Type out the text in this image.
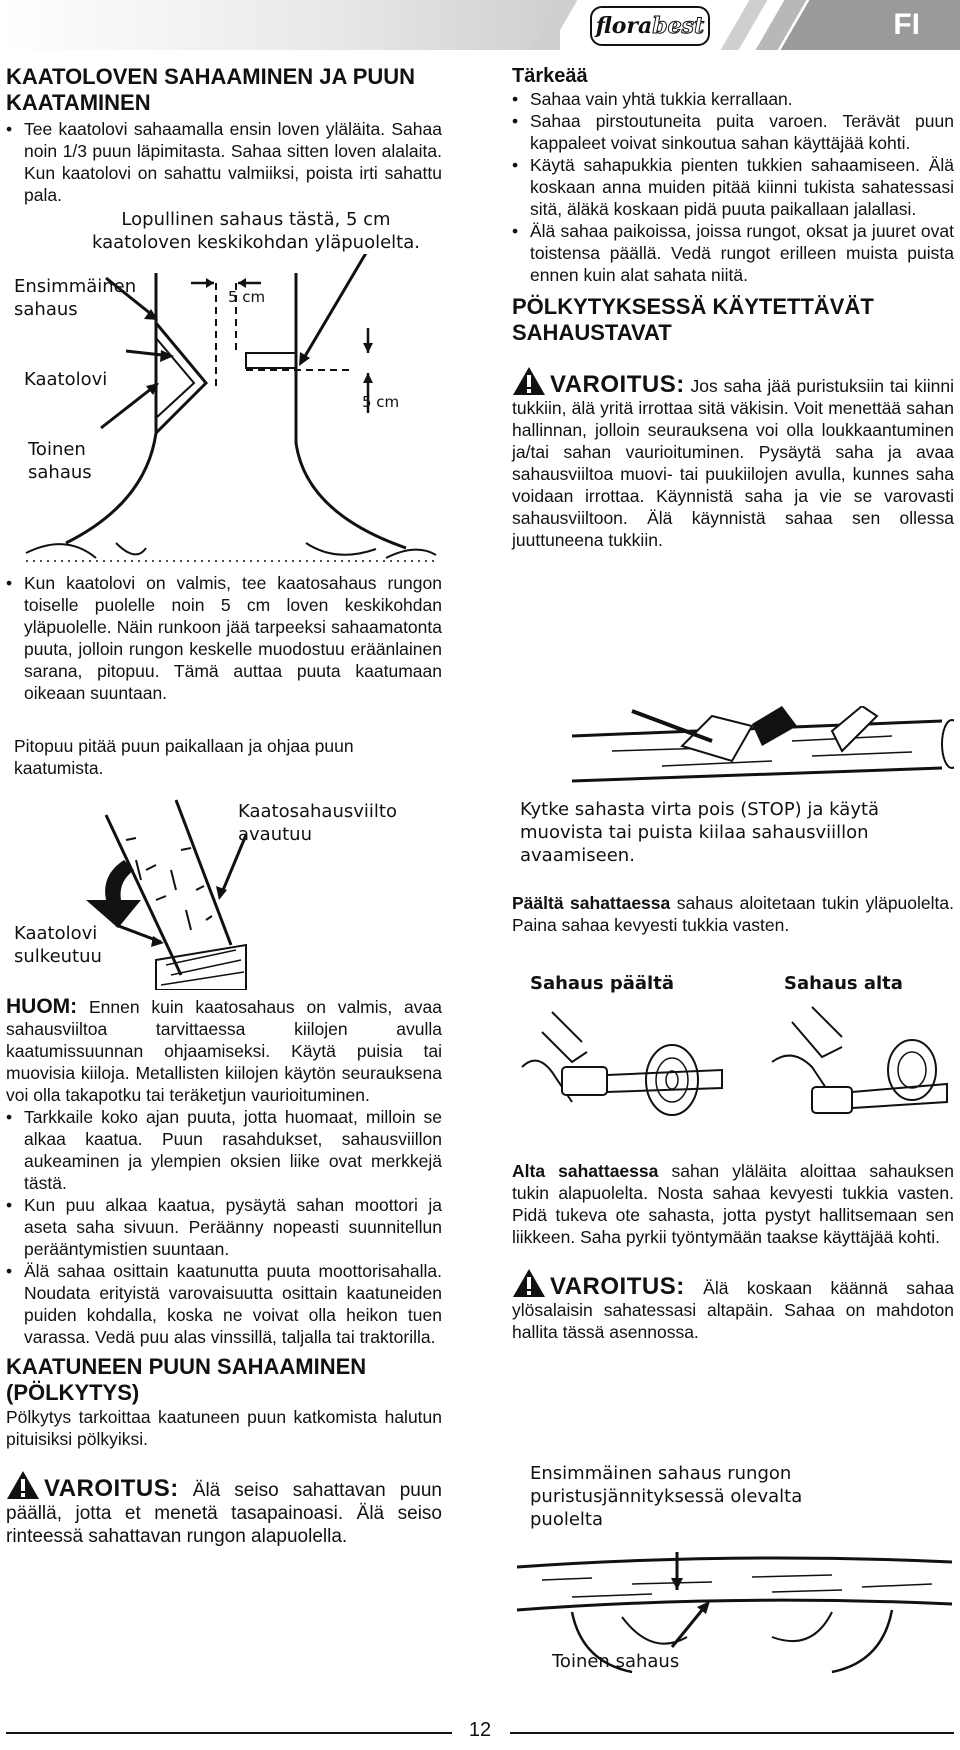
flora best	FI
KAATOLOVEN SAHAAMINEN JA PUUN KAATAMINEN
• Tee kaatolovi sahaamalla ensin loven yläläita. Sahaa noin 1/3 puun läpimitasta. Sahaa sitten loven alalaita. Kun kaatolovi on sahattu valmiiksi, poista irti sahattu pala.
Lopullinen sahaus tästä, 5 cm kaatoloven keskikohdan yläpuolelta.
Ensimmäinen sahaus
Kaatolovi
Toinen sahaus
5 cm
5 cm
• Kun kaatolovi on valmis, tee kaatosahaus rungon toiselle puolelle noin 5 cm loven keskikohdan yläpuolelle. Näin runkoon jää tarpeeksi sahaamatonta puuta, jolloin rungon keskelle muodostuu eräänlainen sarana, pitopuu. Tämä auttaa puuta kaatumaan oikeaan suuntaan.
Pitopuu pitää puun paikallaan ja ohjaa puun kaatumista.
Kaatosahausviilto avautuu
Kaatolovi sulkeutuu

HUOM: Ennen kuin kaatosahaus on valmis, avaa sahausviiltoa tarvittaessa kiilojen avulla kaatumissuunnan ohjaamiseksi. Käytä puisia tai muovisia kiiloja. Metallisten kiilojen käytön seurauksena voi olla takapotku tai teräketjun vaurioituminen.

• Tarkkaile koko ajan puuta, jotta huomaat, milloin se alkaa kaatua. Puun rasahdukset, sahausviillon aukeaminen ja ylempien oksien liike ovat merkkejä tästä.
• Kun puu alkaa kaatua, pysäytä sahan moottori ja aseta saha sivuun. Peräänny nopeasti suunnitellun perääntymistien suuntaan.
• Älä sahaa osittain kaatunutta puuta moottorisahalla. Noudata erityistä varovaisuutta osittain kaatuneiden puiden kohdalla, koska ne voivat olla heikon tuen varassa. Vedä puu alas vinssillä, taljalla tai traktorilla.
KAATUNEEN PUUN SAHAAMINEN (PÖLKYTYS)

Pölkytys tarkoittaa kaatuneen puun katkomista halutun pituisiksi pölkyiksi.

VAROITUS: Älä seiso sahattavan puun päällä, jotta et menetä tasapainoasi. Älä seiso rinteessä sahattavan rungon alapuolella.

Tärkeää
• Sahaa vain yhtä tukkia kerrallaan.
• Sahaa pirstoutuneita puita varoen. Terävät puun kappaleet voivat sinkoutua sahan käyttäjää kohti.
• Käytä sahapukkia pienten tukkien sahaamiseen. Älä koskaan anna muiden pitää kiinni tukista sahatessasi sitä, äläkä koskaan pidä puuta paikallaan jalallasi.
• Älä sahaa paikoissa, joissa rungot, oksat ja juuret ovat toistensa päällä. Vedä rungot erilleen muista puista ennen kuin alat sahata niitä.
PÖLKYTYKSESSÄ KÄYTETTÄVÄT SAHAUSTAVAT

VAROITUS: Jos saha jää puristuksiin tai kiinni tukkiin, älä yritä irrottaa sitä väkisin. Voit menettää sahan hallinnan, jolloin seurauksena voi olla loukkaantuminen ja/tai sahan vaurioituminen. Pysäytä saha ja avaa sahausviiltoa muovi- tai puukiilojen avulla, kunnes saha voidaan irrottaa. Käynnistä saha ja vie se varovasti sahausviiltoon. Älä käynnistä sahaa sen ollessa juuttuneena tukkiin.

Kytke sahasta virta pois (STOP) ja käytä muovista tai puista kiilaa sahausviillon avaamiseen.

Päältä sahattaessa sahaus aloitetaan tukin yläpuolelta. Paina sahaa kevyesti tukkia vasten.

Sahaus päältä	Sahaus alta

Alta sahattaessa sahan yläläita aloittaa sahauksen tukin alapuolelta. Nosta sahaa kevyesti tukkia vasten. Pidä tukeva ote sahasta, jotta pystyt hallitsemaan sen liikkeen. Saha pyrkii työntymään taakse käyttäjää kohti.

VAROITUS: Älä koskaan käännä sahaa ylösalaisin sahatessasi altapäin. Sahaa on mahdoton hallita tässä asennossa.

Ensimmäinen sahaus rungon puristusjännityksessä olevalta puolelta
Toinen sahaus
12
